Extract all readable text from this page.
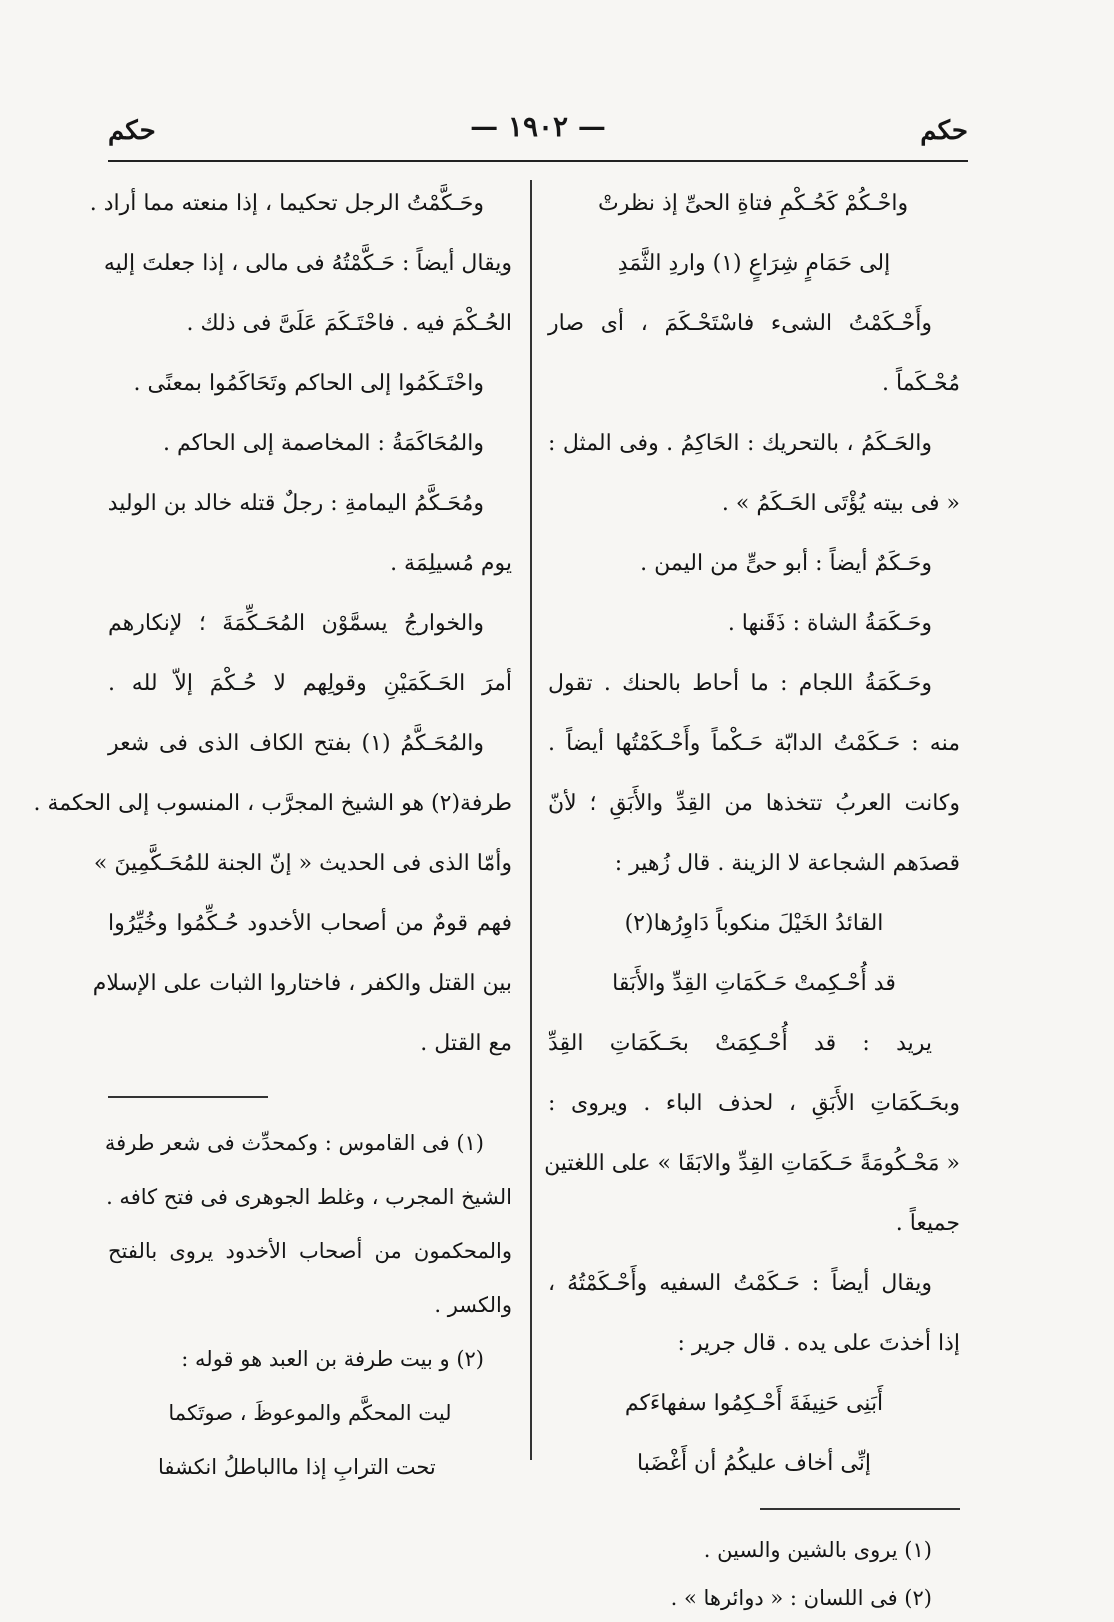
حكم
— ١٩٠٢ —
حكم
واحْـكُمْ كَحُـكْمِ فتاةِ الحىِّ إذ نظرتْ
إلى حَمَامٍ شِرَاعٍ (١) واردِ الثَّمَدِ
وأَحْـكَمْتُ الشىء فاسْتَحْـكَمَ ، أى صار
مُحْـكَماً .
والحَـكَمُ ، بالتحريك : الحَاكِمُ . وفى المثل :
« فى بيته يُؤْتَى الحَـكَمُ » .
وحَـكَمٌ أيضاً : أبو حىٍّ من اليمن .
وحَـكَمَةُ الشاة : ذَقَنها .
وحَـكَمَةُ اللجام : ما أحاط بالحنك . تقول
منه : حَـكَمْتُ الدابّة حَـكْماً وأَحْـكَمْتُها أيضاً .
وكانت العربُ تتخذها من القِدِّ والأَبَقِ ؛ لأنّ
قصدَهم الشجاعة لا الزينة . قال زُهير :
القائدُ الخَيْلَ منكوباً دَاوِرُها(٢)
قد أُحْـكِمتْ حَـكَمَاتِ القِدِّ والأَبَقا
يريد : قد أُحْـكِمَتْ بحَـكَمَاتِ القِدِّ
وبحَـكَمَاتِ الأَبَقِ ، لحذف الباء . ويروى :
« مَحْـكُومَةً حَـكَمَاتِ القِدِّ والابَقَا » على اللغتين
جميعاً .
ويقال أيضاً : حَـكَمْتُ السفيه وأَحْـكَمْتُهُ ،
إذا أخذتَ على يده . قال جرير :
أَبَنِى حَنِيفَةَ أَحْـكِمُوا سفهاءَكم
إنِّى أخاف عليكُمُ أن أَغْضَبا
(١) يروى بالشين والسين .
(٢) فى اللسان : « دوائرها » .
وحَـكَّمْتُ الرجل تحكيما ، إذا منعته مما أراد .
ويقال أيضاً : حَـكَّمْتُهُ فى مالى ، إذا جعلتَ إليه
الحُـكْمَ فيه . فاحْتَـكَمَ عَلَىَّ فى ذلك .
واحْتَـكَمُوا إلى الحاكم وتَحَاكَمُوا بمعنًى .
والمُحَاكَمَةُ : المخاصمة إلى الحاكم .
ومُحَـكَّمُ اليمامةِ : رجلٌ قتله خالد بن الوليد
يوم مُسيلِمَة .
والخوارجُ يسمَّوْن المُحَـكِّمَةَ ؛ لإنكارهم
أمرَ الحَـكَمَيْنِ وقولِهم لا حُـكْمَ إلاّ لله .
والمُحَـكَّمُ (١) بفتح الكاف الذى فى شعر
طرفة(٢) هو الشيخ المجرَّب ، المنسوب إلى الحكمة .
وأمّا الذى فى الحديث « إنّ الجنة للمُحَـكَّمِينَ »
فهم قومٌ من أصحاب الأخدود حُـكِّمُوا وخُيِّرُوا
بين القتل والكفر ، فاختاروا الثبات على الإسلام
مع القتل .
(١) فى القاموس : وكمحدِّث فى شعر طرفة
الشيخ المجرب ، وغلط الجوهرى فى فتح كافه .
والمحكمون من أصحاب الأخدود يروى بالفتح
والكسر .
(٢) و بيت طرفة بن العبد هو قوله :
ليت المحكَّم والموعوظَ ، صوتَكما
تحت الترابِ إذا ماالباطلُ انكشفا
